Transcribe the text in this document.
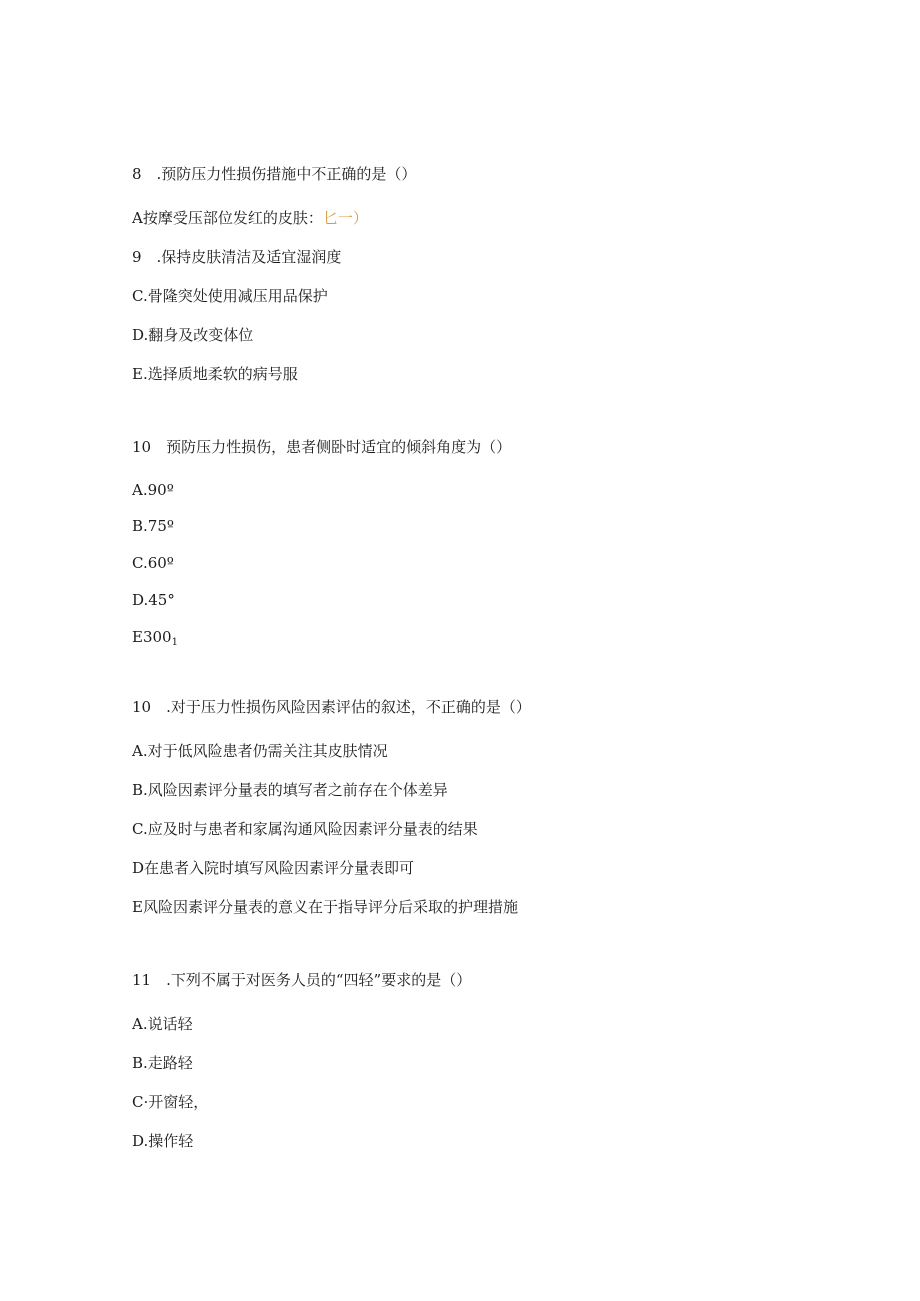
8　.预防压力性损伤措施中不正确的是（）
A按摩受压部位发红的皮肤：匕一）
9　.保持皮肤清洁及适宜湿润度
C.骨隆突处使用减压用品保护
D.翻身及改变体位
E.选择质地柔软的病号服
10　预防压力性损伤，患者侧卧时适宜的倾斜角度为（）
A.90º
B.75º
C.60º
D.45°
$E300_1$
10　.对于压力性损伤风险因素评估的叙述，不正确的是（）
A.对于低风险患者仍需关注其皮肤情况
B.风险因素评分量表的填写者之前存在个体差异
C.应及时与患者和家属沟通风险因素评分量表的结果
D在患者入院时填写风险因素评分量表即可
E风险因素评分量表的意义在于指导评分后采取的护理措施
11　.下列不属于对医务人员的“四轻”要求的是（）
A.说话轻
B.走路轻
C·开窗轻，
D.操作轻
